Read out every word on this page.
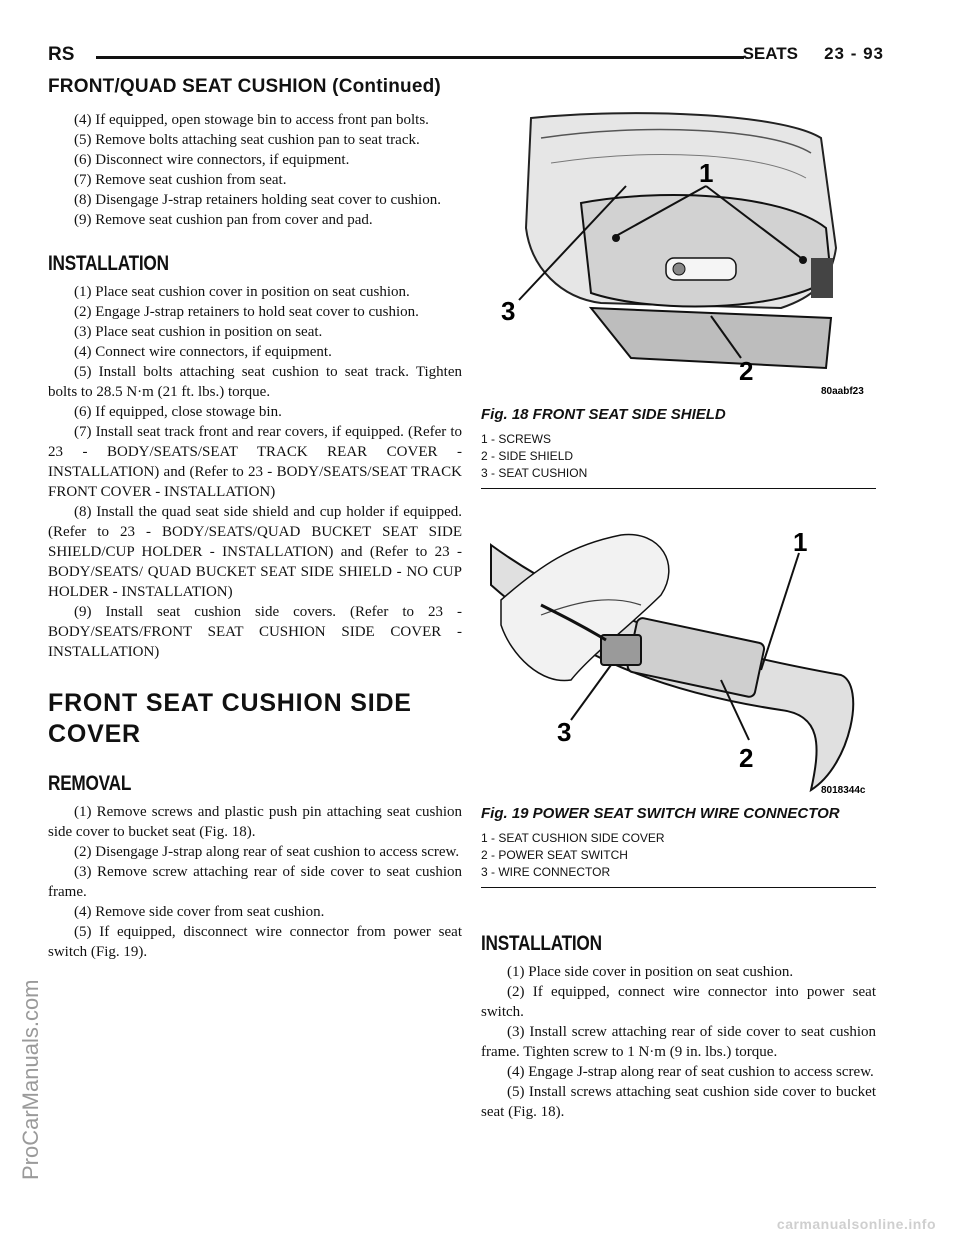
RS	SEATS 23 - 93
FRONT/QUAD SEAT CUSHION (Continued)

(4) If equipped, open stowage bin to access front pan bolts.

(5) Remove bolts attaching seat cushion pan to seat track.

(6) Disconnect wire connectors, if equipment.

(7) Remove seat cushion from seat.

(8) Disengage J-strap retainers holding seat cover to cushion.

(9) Remove seat cushion pan from cover and pad.

INSTALLATION

(1) Place seat cushion cover in position on seat cushion.

(2) Engage J-strap retainers to hold seat cover to cushion.

(3) Place seat cushion in position on seat.

(4) Connect wire connectors, if equipment.

(5) Install bolts attaching seat cushion to seat track. Tighten bolts to 28.5 N·m (21 ft. lbs.) torque.

(6) If equipped, close stowage bin.

(7) Install seat track front and rear covers, if equipped. (Refer to 23 - BODY/SEATS/SEAT TRACK REAR COVER - INSTALLATION) and (Refer to 23 - BODY/SEATS/SEAT TRACK FRONT COVER - INSTALLATION)

(8) Install the quad seat side shield and cup holder if equipped. (Refer to 23 - BODY/SEATS/QUAD BUCKET SEAT SIDE SHIELD/CUP HOLDER - INSTALLATION) and (Refer to 23 - BODY/SEATS/ QUAD BUCKET SEAT SIDE SHIELD - NO CUP HOLDER - INSTALLATION)

(9) Install seat cushion side covers. (Refer to 23 - BODY/SEATS/FRONT SEAT CUSHION SIDE COVER - INSTALLATION)

FRONT SEAT CUSHION SIDE COVER
REMOVAL

(1) Remove screws and plastic push pin attaching seat cushion side cover to bucket seat (Fig. 18).

(2) Disengage J-strap along rear of seat cushion to access screw.

(3) Remove screw attaching rear of side cover to seat cushion frame.

(4) Remove side cover from seat cushion.

(5) If equipped, disconnect wire connector from power seat switch (Fig. 19).

1
2
3
80aabf23
Fig. 18 FRONT SEAT SIDE SHIELD
1 - SCREWS
2 - SIDE SHIELD
3 - SEAT CUSHION
1
2
3
8018344c
Fig. 19 POWER SEAT SWITCH WIRE CONNECTOR
1 - SEAT CUSHION SIDE COVER
2 - POWER SEAT SWITCH
3 - WIRE CONNECTOR
INSTALLATION

(1) Place side cover in position on seat cushion.

(2) If equipped, connect wire connector into power seat switch.

(3) Install screw attaching rear of side cover to seat cushion frame. Tighten screw to 1 N·m (9 in. lbs.) torque.

(4) Engage J-strap along rear of seat cushion to access screw.

(5) Install screws attaching seat cushion side cover to bucket seat (Fig. 18).

ProCarManuals.com
carmanualsonline.info
